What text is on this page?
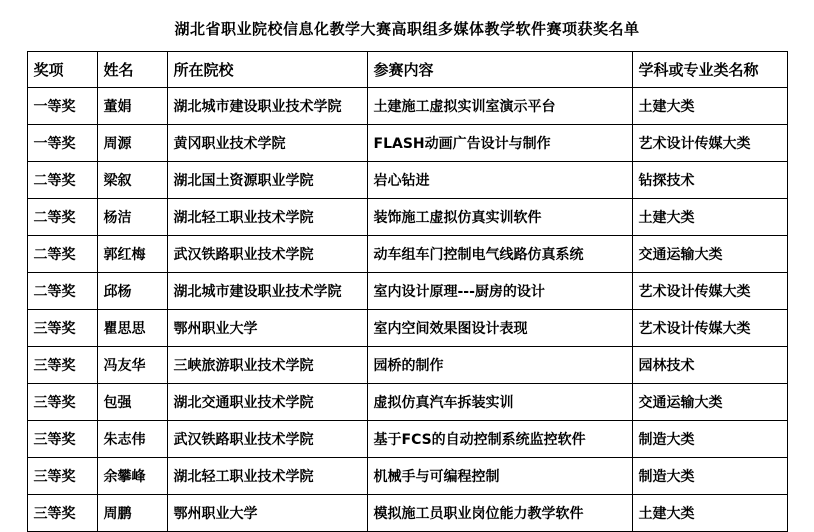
湖北省职业院校信息化教学大赛高职组多媒体教学软件赛项获奖名单
奖项	姓名	所在院校	参赛内容	学科或专业类名称
一等奖	董娟	湖北城市建设职业技术学院	土建施工虚拟实训室演示平台	土建大类
一等奖	周源	黄冈职业技术学院	FLASH动画广告设计与制作	艺术设计传媒大类
二等奖	梁叙	湖北国土资源职业学院	岩心钻进	钻探技术
二等奖	杨洁	湖北轻工职业技术学院	装饰施工虚拟仿真实训软件	土建大类
二等奖	郭红梅	武汉铁路职业技术学院	动车组车门控制电气线路仿真系统	交通运输大类
二等奖	邱杨	湖北城市建设职业技术学院	室内设计原理---厨房的设计	艺术设计传媒大类
三等奖	瞿思思	鄂州职业大学	室内空间效果图设计表现	艺术设计传媒大类
三等奖	冯友华	三峡旅游职业技术学院	园桥的制作	园林技术
三等奖	包强	湖北交通职业技术学院	虚拟仿真汽车拆装实训	交通运输大类
三等奖	朱志伟	武汉铁路职业技术学院	基于FCS的自动控制系统监控软件	制造大类
三等奖	余攀峰	湖北轻工职业技术学院	机械手与可编程控制	制造大类
三等奖	周鹏	鄂州职业大学	模拟施工员职业岗位能力教学软件	土建大类
